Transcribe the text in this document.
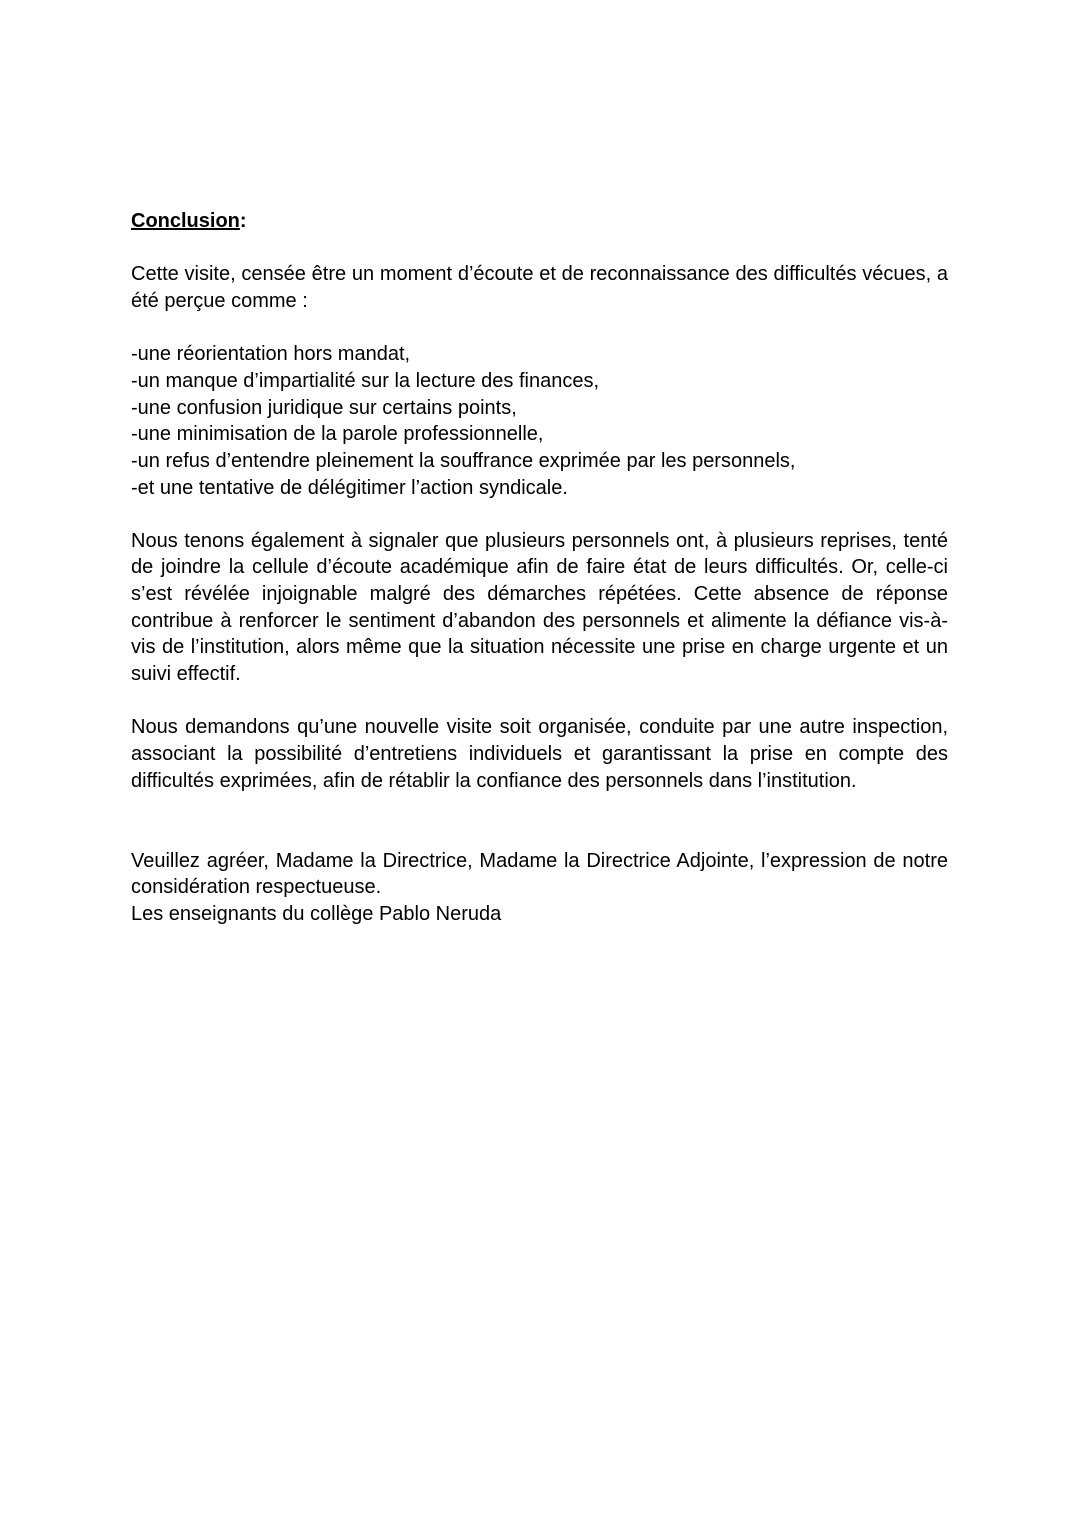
Conclusion:

Cette visite, censée être un moment d’écoute et de reconnaissance des difficultés vécues, a été perçue comme :

-une réorientation hors mandat,
-un manque d’impartialité sur la lecture des finances,
-une confusion juridique sur certains points,
-une minimisation de la parole professionnelle,
-un refus d’entendre pleinement la souffrance exprimée par les personnels,
-et une tentative de délégitimer l’action syndicale.

Nous tenons également à signaler que plusieurs personnels ont, à plusieurs reprises, tenté de joindre la cellule d’écoute académique afin de faire état de leurs difficultés. Or, celle-ci s’est révélée injoignable malgré des démarches répétées. Cette absence de réponse contribue à renforcer le sentiment d’abandon des personnels et alimente la défiance vis-à-vis de l’institution, alors même que la situation nécessite une prise en charge urgente et un suivi effectif.

Nous demandons qu’une nouvelle visite soit organisée, conduite par une autre inspection, associant la possibilité d’entretiens individuels et garantissant la prise en compte des difficultés exprimées, afin de rétablir la confiance des personnels dans l’institution.

Veuillez agréer, Madame la Directrice, Madame la Directrice Adjointe, l’expression de notre considération respectueuse.

Les enseignants du collège Pablo Neruda
